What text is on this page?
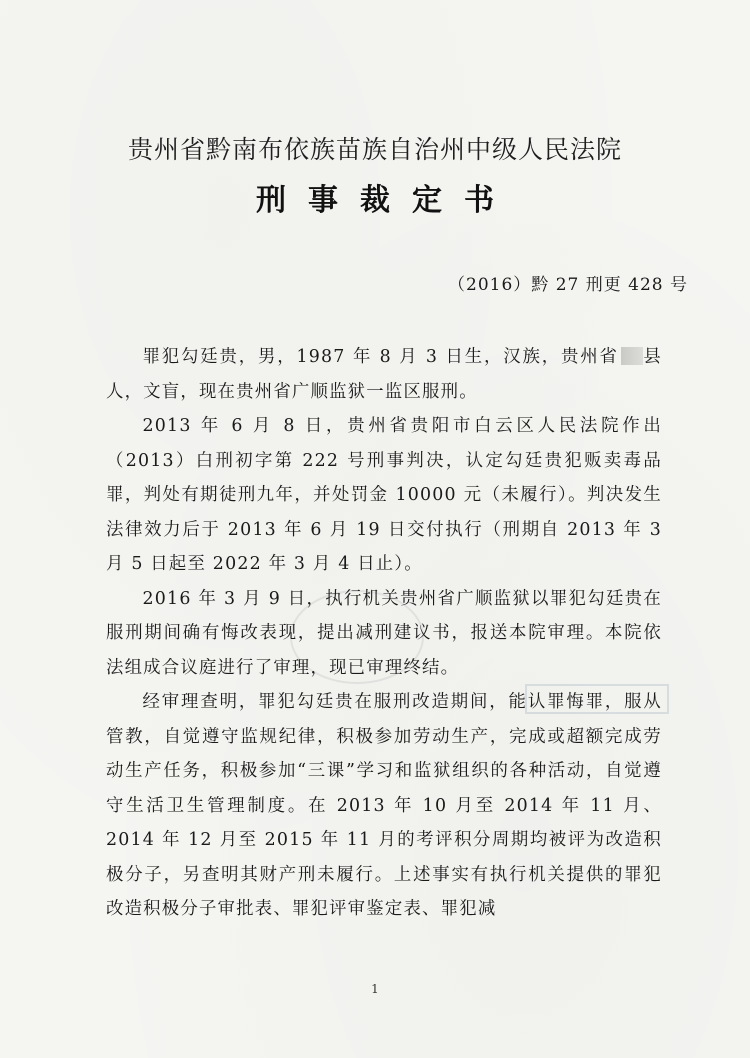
贵州省黔南布依族苗族自治州中级人民法院
刑事裁定书
（2016）黔 27 刑更 428 号

罪犯勾廷贵，男，1987 年 8 月 3 日生，汉族，贵州省 县人，文盲，现在贵州省广顺监狱一监区服刑。

2013 年 6 月 8 日，贵州省贵阳市白云区人民法院作出（2013）白刑初字第 222 号刑事判决，认定勾廷贵犯贩卖毒品罪，判处有期徒刑九年，并处罚金 10000 元（未履行）。判决发生法律效力后于 2013 年 6 月 19 日交付执行（刑期自 2013 年 3 月 5 日起至 2022 年 3 月 4 日止）。

2016 年 3 月 9 日，执行机关贵州省广顺监狱以罪犯勾廷贵在服刑期间确有悔改表现，提出减刑建议书，报送本院审理。本院依法组成合议庭进行了审理，现已审理终结。

经审理查明，罪犯勾廷贵在服刑改造期间，能认罪悔罪，服从管教，自觉遵守监规纪律，积极参加劳动生产，完成或超额完成劳动生产任务，积极参加“三课”学习和监狱组织的各种活动，自觉遵守生活卫生管理制度。在 2013 年 10 月至 2014 年 11 月、2014 年 12 月至 2015 年 11 月的考评积分周期均被评为改造积极分子，另查明其财产刑未履行。上述事实有执行机关提供的罪犯改造积极分子审批表、罪犯评审鉴定表、罪犯减

1
